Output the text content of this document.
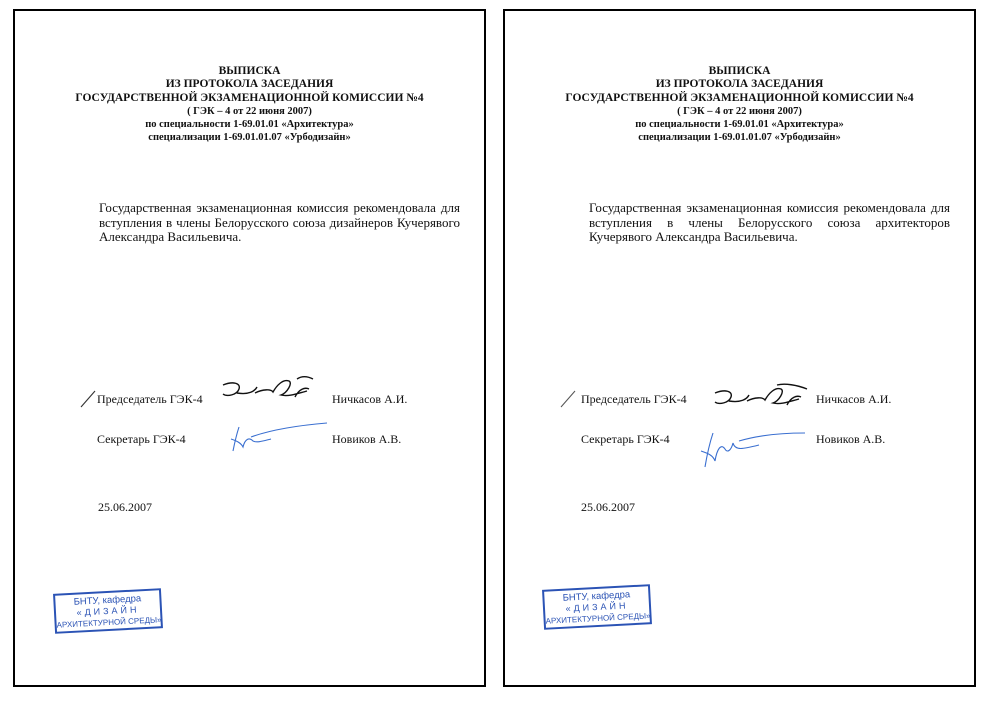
ВЫПИСКА
ИЗ ПРОТОКОЛА ЗАСЕДАНИЯ
ГОСУДАРСТВЕННОЙ ЭКЗАМЕНАЦИОННОЙ КОМИССИИ №4
( ГЭК – 4 от 22 июня 2007)
по специальности 1-69.01.01 «Архитектура»
специализации 1-69.01.01.07 «Урбодизайн»
Государственная экзаменационная комиссия рекомендовала для вступления в члены Белорусского союза дизайнеров Кучерявого Александра Васильевича.
Председатель ГЭК-4	Ничкасов А.И.
Секретарь ГЭК-4	Новиков А.В.
25.06.2007
БНТУ, кафедра
«ДИЗАЙН
АРХИТЕКТУРНОЙ СРЕДЫ»
ВЫПИСКА
ИЗ ПРОТОКОЛА ЗАСЕДАНИЯ
ГОСУДАРСТВЕННОЙ ЭКЗАМЕНАЦИОННОЙ КОМИССИИ №4
( ГЭК – 4 от 22 июня 2007)
по специальности 1-69.01.01 «Архитектура»
специализации 1-69.01.01.07 «Урбодизайн»
Государственная экзаменационная комиссия рекомендовала для вступления в члены Белорусского союза архитекторов Кучерявого Александра Васильевича.
Председатель ГЭК-4	Ничкасов А.И.
Секретарь ГЭК-4	Новиков А.В.
25.06.2007
БНТУ, кафедра
«ДИЗАЙН
АРХИТЕКТУРНОЙ СРЕДЫ»
